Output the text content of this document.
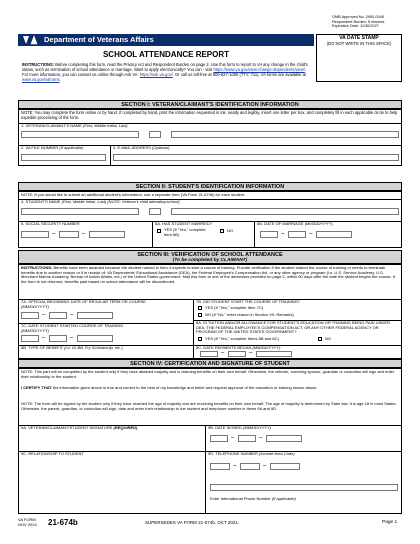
OMB Approved No. 2900-0049
Respondent Burden: 5 minutes
Expiration Date: 11/30/2027
Department of Veterans Affairs	VA DATE STAMP
(DO NOT WRITE IN THIS SPACE)
SCHOOL ATTENDANCE REPORT
INSTRUCTIONS: Before completing this form, read the Privacy Act and Respondent Burden on page 2. Use this form to report to VA any change in the child's status, such as termination of school attendance or marriage. Want to apply electronically? You can - visit https://www.va.gov/view-change-dependents/view/. For more information, you can contact us online through Ask VA: https://ask.va.gov/. Or call us toll-free at 800-827-1000 (TTY: 711). VA forms are available at www.va.gov/vaforms.
SECTION I: VETERAN/CLAIMANT'S IDENTIFICATION INFORMATION
NOTE: You may complete the form online or by hand. If completed by hand, print the information requested in ink, neatly and legibly, insert one letter per box, and completely fill in each applicable circle to help expedite processing of the form.
1. VETERAN/CLAIMANT'S NAME (First, Middle Initial, Last)
2. VA FILE NUMBER (If applicable)	3. E-MAIL ADDRESS (Optional)
SECTION II: STUDENT'S IDENTIFICATION INFORMATION
NOTE: If you would like to submit an additional student's information, use a separate form (VA Form 21-674b) for each student.
4. STUDENT'S NAME (First, Middle Initial, Last) (NOTE: Veteran's child attending school)
5. SOCIAL SECURITY NUMBER
–	–
6A. HAS STUDENT MARRIED?
YES (If "Yes," complete Item 6B)
NO
6B. DATE OF MARRIAGE (MM/DD/YYYY)
–	–
SECTION III: VERIFICATION OF SCHOOL ATTENDANCE
(To be completed by CLAIMANT)
INSTRUCTIONS: Benefits have been awarded because the student named in Item 4 expects to start a course of training. Provide verification if the student started the course of training or needs to terminate benefits due to another reason or if in receipt of: VA Dependents' Educational Assistance (DEA), the Federal Employee's Compensation Act, or any other agency or program (i.e. U.S. Service Academy, U.S. Merchant Marine Academy, Bureau of Indian Affairs, etc.) of the United States government. Mail this form to one of the addresses provided on page 2, within 60 days after the date the student begins the course. If the form is not returned, benefits paid based on school attendance will be discontinued.
7A. OFFICIAL BEGINNING DATE OF REGULAR TERM OR COURSE
(MM/DD/YYYY)
–	–
7B. DID STUDENT START THE COURSE OF TRAINING?
YES (If "Yes," complete Item 7C)
NO (If "No," enter reason in Section VII: Remarks)
7C. DATE STUDENT STARTED COURSE OF TRAINING
(MM/DD/YYYY)
–	–
8A. IS TUITION AND/OR ALLOWANCE FOR STUDENT'S EDUCATION OR TRAINING BEING PAID UNDER DEA, THE FEDERAL EMPLOYEE'S COMPENSATION ACT, OR ANY OTHER FEDERAL AGENCY OR PROGRAM OF THE UNITED STATES GOVERNMENT?
YES (If "Yes," complete Items 8B and 8C)	NO
8B. TYPE OF BENEFIT (i.e. GI Bill, Fry Scholarship, etc.)	8C. DATE PAYMENTS BEGAN (MM/DD/YYYY)
–	–
SECTION IV: CERTIFICATION AND SIGNATURE OF STUDENT
NOTE: This part will be completed by the student only if they have attained majority and is claiming benefits on their own behalf. Otherwise, the veteran, surviving spouse, guardian or custodian will sign and enter their relationship to the student.
I CERTIFY THAT the information given above is true and correct to the best of my knowledge and belief and request approval of the education or training shown above.
NOTE: The form will be signed by the student only if they have reached the age of majority and are receiving benefits on their own behalf. The age of majority is determined by State law; it is age 18 in most States. Otherwise, the parent, guardian, or custodian will sign, date and enter their relationship to the student and telephone number in Items 9A and 9D.
9A. VETERAN/CLAIMANT/STUDENT SIGNATURE (REQUIRED)	9B. DATE SIGNED (MM/DD/YYYY)
–	–
9C. RELATIONSHIP TO STUDENT	9D. TELEPHONE NUMBER (Include Area Code)
–	–
Enter International Phone Number (If applicable)
VA FORM
NOV 2024 21-674b	SUPERSEDES VA FORM 21-674b, OCT 2021.	Page 1
